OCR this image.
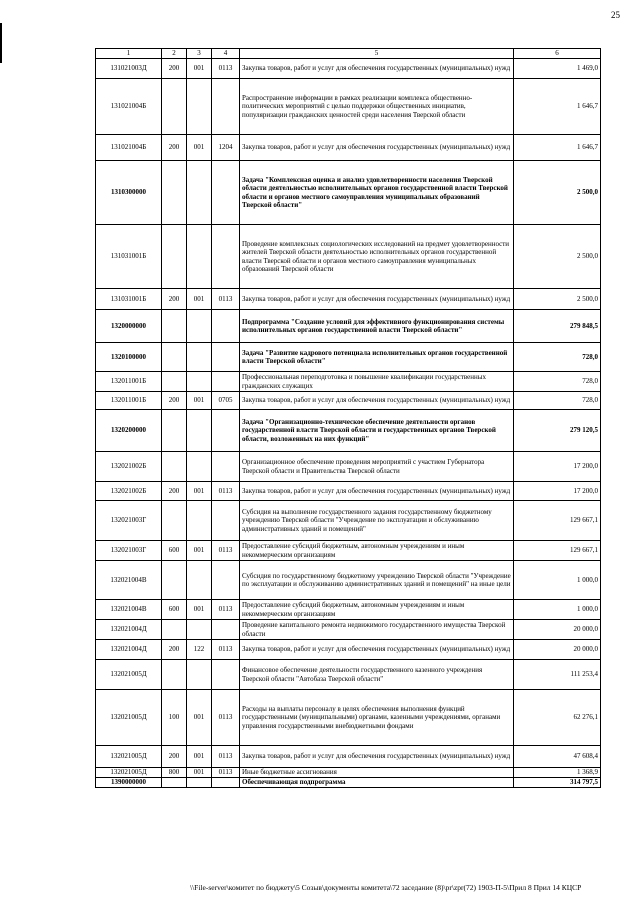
25
1	2	3	4	5	6
131021003Д	200	001	0113	Закупка товаров, работ и услуг для обеспечения государственных (муниципальных) нужд	1 469,0
131021004Б				Распространение информации в рамках реализации комплекса общественно-политических мероприятий с целью поддержки общественных инициатив, популяризации гражданских ценностей среди населения Тверской области	1 646,7
131021004Б	200	001	1204	Закупка товаров, работ и услуг для обеспечения государственных (муниципальных) нужд	1 646,7
1310300000				Задача "Комплексная оценка и анализ удовлетворенности населения Тверской области деятельностью исполнительных органов государственной власти Тверской области и органов местного самоуправления муниципальных образований Тверской области"	2 500,0
131031001Б				Проведение комплексных социологических исследований на предмет удовлетворенности жителей Тверской области деятельностью исполнительных органов государственной власти Тверской области и органов местного самоуправления муниципальных образований Тверской области	2 500,0
131031001Б	200	001	0113	Закупка товаров, работ и услуг для обеспечения государственных (муниципальных) нужд	2 500,0
1320000000				Подпрограмма "Создание условий для эффективного функционирования системы исполнительных органов государственной власти Тверской области"	279 848,5
1320100000				Задача "Развитие кадрового потенциала исполнительных органов государственной власти Тверской области"	728,0
132011001Б				Профессиональная переподготовка и повышение квалификации государственных гражданских служащих	728,0
132011001Б	200	001	0705	Закупка товаров, работ и услуг для обеспечения государственных (муниципальных) нужд	728,0
1320200000				Задача "Организационно-техническое обеспечение деятельности органов государственной власти Тверской области и государственных органов Тверской области, возложенных на них функций"	279 120,5
132021002Б				Организационное обеспечение проведения мероприятий с участием Губернатора Тверской области и Правительства Тверской области	17 200,0
132021002Б	200	001	0113	Закупка товаров, работ и услуг для обеспечения государственных (муниципальных) нужд	17 200,0
132021003Г				Субсидия на выполнение государственного задания государственному бюджетному учреждению Тверской области "Учреждение по эксплуатации и обслуживанию административных зданий и помещений"	129 667,1
132021003Г	600	001	0113	Предоставление субсидий бюджетным, автономным учреждениям и иным некоммерческим организациям	129 667,1
132021004В				Субсидия по государственному бюджетному учреждению Тверской области "Учреждение по эксплуатации и обслуживанию административных зданий и помещений" на иные цели	1 000,0
132021004В	600	001	0113	Предоставление субсидий бюджетным, автономным учреждениям и иным некоммерческим организациям	1 000,0
132021004Д				Проведение капитального ремонта недвижимого государственного имущества Тверской области	20 000,0
132021004Д	200	122	0113	Закупка товаров, работ и услуг для обеспечения государственных (муниципальных) нужд	20 000,0
132021005Д				Финансовое обеспечение деятельности государственного казенного учреждения Тверской области "Автобаза Тверской области"	111 253,4
132021005Д	100	001	0113	Расходы на выплаты персоналу в целях обеспечения выполнения функций государственными (муниципальными) органами, казенными учреждениями, органами управления государственными внебюджетными фондами	62 276,1
132021005Д	200	001	0113	Закупка товаров, работ и услуг для обеспечения государственных (муниципальных) нужд	47 608,4
132021005Д	800	001	0113	Иные бюджетные ассигнования	1 368,9
1390000000				Обеспечивающая подпрограмма	314 797,5
\\File-server\комитет по бюджету\5 Созыв\документы комитета\72 заседание (8)\pr\zpr(72) 1903-П-5\Прил 8 Прил 14 КЦСР
